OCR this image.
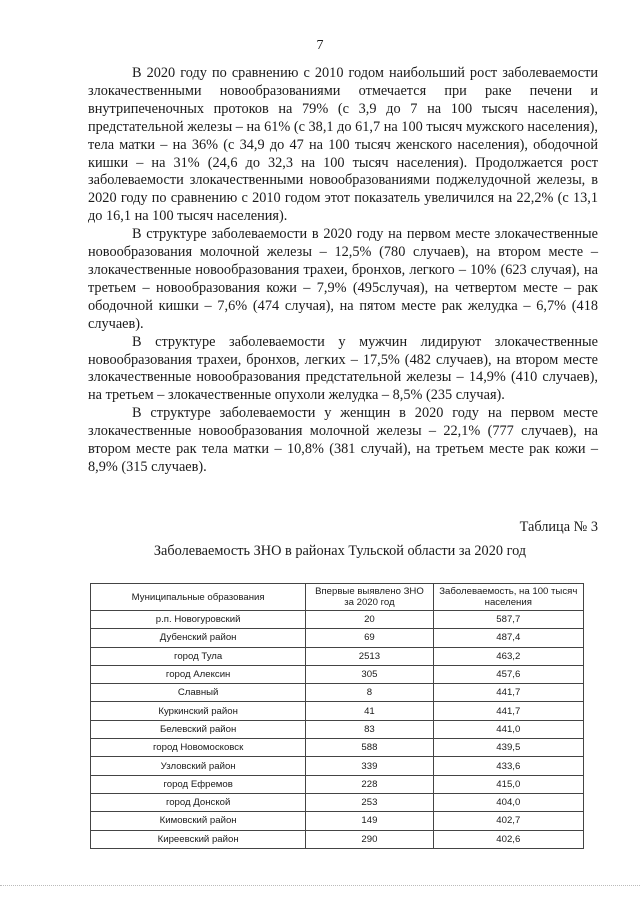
7

В 2020 году по сравнению с 2010 годом наибольший рост заболеваемости злокачественными новообразованиями отмечается при раке печени и внутрипеченочных протоков на 79% (с 3,9 до 7 на 100 тысяч населения), предстательной железы – на 61% (с 38,1 до 61,7 на 100 тысяч мужского населения), тела матки – на 36% (с 34,9 до 47 на 100 тысяч женского населения), ободочной кишки – на 31% (24,6 до 32,3 на 100 тысяч населения). Продолжается рост заболеваемости злокачественными новообразованиями поджелудочной железы, в 2020 году по сравнению с 2010 годом этот показатель увеличился на 22,2% (с 13,1 до 16,1 на 100 тысяч населения).

В структуре заболеваемости в 2020 году на первом месте злокачественные новообразования молочной железы – 12,5% (780 случаев), на втором месте – злокачественные новообразования трахеи, бронхов, легкого – 10% (623 случая), на третьем – новообразования кожи – 7,9% (495случая), на четвертом месте – рак ободочной кишки – 7,6% (474 случая), на пятом месте рак желудка – 6,7% (418 случаев).

В структуре заболеваемости у мужчин лидируют злокачественные новообразования трахеи, бронхов, легких – 17,5% (482 случаев), на втором месте злокачественные новообразования предстательной железы – 14,9% (410 случаев), на третьем – злокачественные опухоли желудка – 8,5% (235 случая).

В структуре заболеваемости у женщин в 2020 году на первом месте злокачественные новообразования молочной железы – 22,1% (777 случаев), на втором месте рак тела матки – 10,8% (381 случай), на третьем месте рак кожи – 8,9% (315 случаев).

Таблица № 3
Заболеваемость ЗНО в районах Тульской области за 2020 год
Муниципальные образования	Впервые выявлено ЗНО за 2020 год	Заболеваемость, на 100 тысяч населения
р.п. Новогуровский	20	587,7
Дубенский район	69	487,4
город Тула	2513	463,2
город Алексин	305	457,6
Славный	8	441,7
Куркинский район	41	441,7
Белевский район	83	441,0
город Новомосковск	588	439,5
Узловский район	339	433,6
город Ефремов	228	415,0
город Донской	253	404,0
Кимовский район	149	402,7
Киреевский район	290	402,6
